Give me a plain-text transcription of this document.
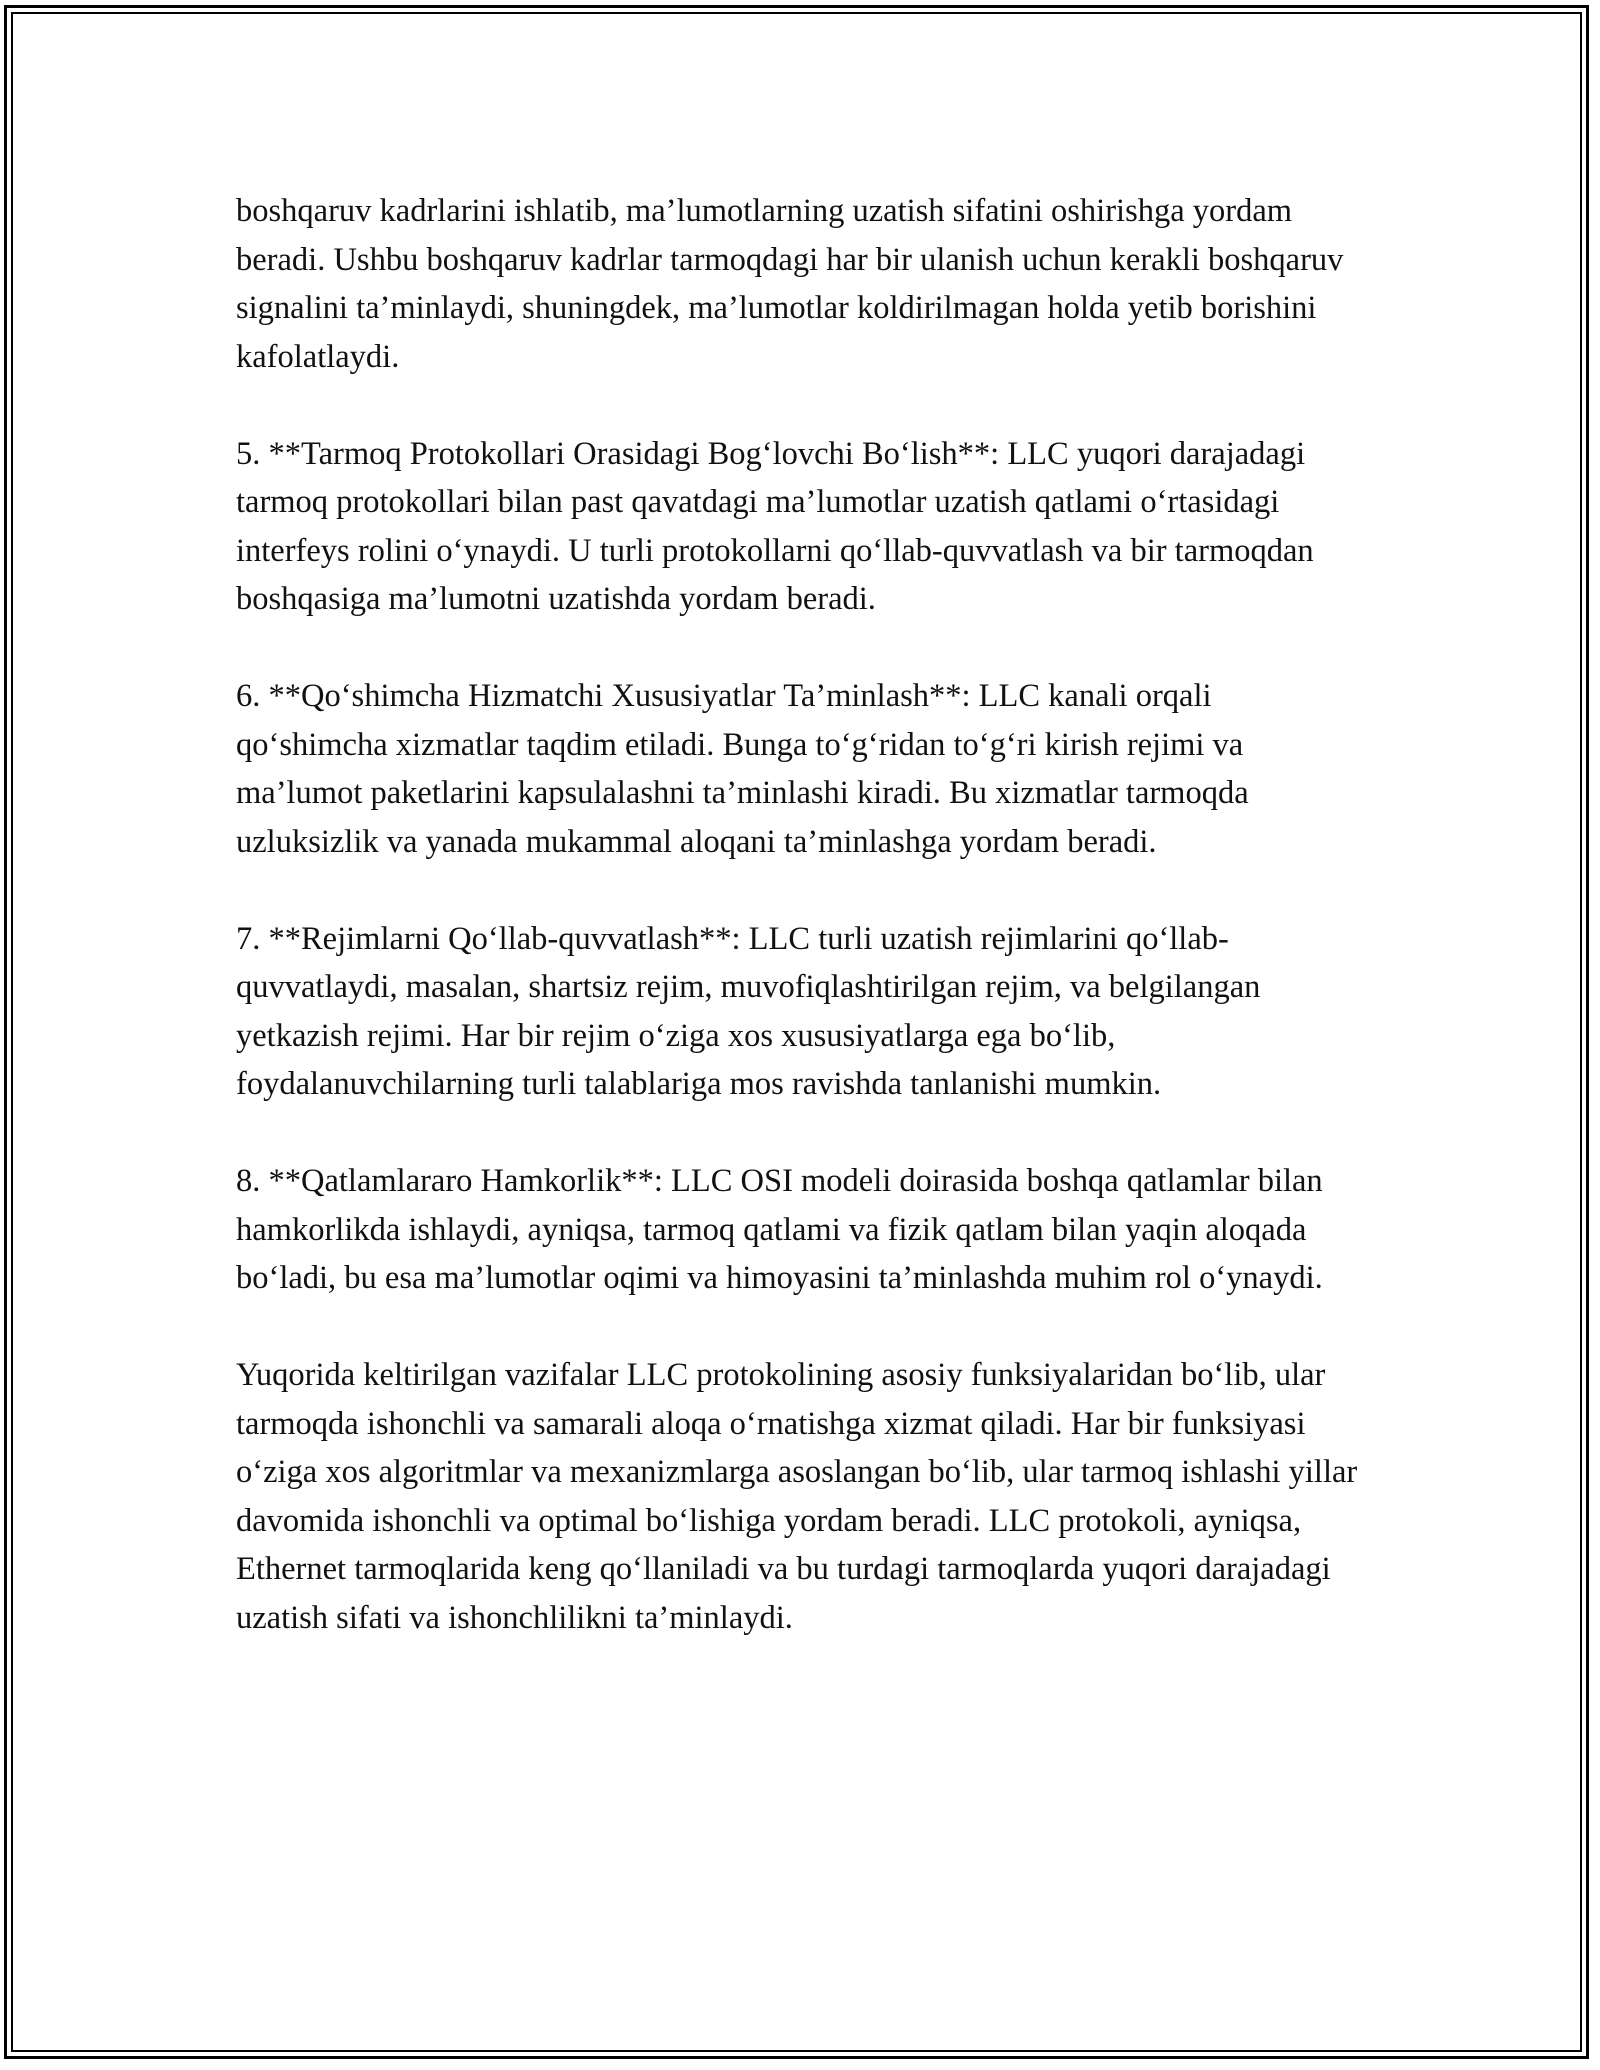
boshqaruv kadrlarini ishlatib, ma’lumotlarning uzatish sifatini oshirishga yordam beradi. Ushbu boshqaruv kadrlar tarmoqdagi har bir ulanish uchun kerakli boshqaruv signalini ta’minlaydi, shuningdek, ma’lumotlar koldirilmagan holda yetib borishini kafolatlaydi.

5. **Tarmoq Protokollari Orasidagi Bog‘lovchi Bo‘lish**: LLC yuqori darajadagi tarmoq protokollari bilan past qavatdagi ma’lumotlar uzatish qatlami o‘rtasidagi interfeys rolini o‘ynaydi. U turli protokollarni qo‘llab-quvvatlash va bir tarmoqdan boshqasiga ma’lumotni uzatishda yordam beradi.

6. **Qo‘shimcha Hizmatchi Xususiyatlar Ta’minlash**: LLC kanali orqali qo‘shimcha xizmatlar taqdim etiladi. Bunga to‘g‘ridan to‘g‘ri kirish rejimi va ma’lumot paketlarini kapsulalashni ta’minlashi kiradi. Bu xizmatlar tarmoqda uzluksizlik va yanada mukammal aloqani ta’minlashga yordam beradi.

7. **Rejimlarni Qo‘llab-quvvatlash**: LLC turli uzatish rejimlarini qo‘llab-quvvatlaydi, masalan, shartsiz rejim, muvofiqlashtirilgan rejim, va belgilangan yetkazish rejimi. Har bir rejim o‘ziga xos xususiyatlarga ega bo‘lib, foydalanuvchilarning turli talablariga mos ravishda tanlanishi mumkin.

8. **Qatlamlararo Hamkorlik**: LLC OSI modeli doirasida boshqa qatlamlar bilan hamkorlikda ishlaydi, ayniqsa, tarmoq qatlami va fizik qatlam bilan yaqin aloqada bo‘ladi, bu esa ma’lumotlar oqimi va himoyasini ta’minlashda muhim rol o‘ynaydi.

Yuqorida keltirilgan vazifalar LLC protokolining asosiy funksiyalaridan bo‘lib, ular tarmoqda ishonchli va samarali aloqa o‘rnatishga xizmat qiladi. Har bir funksiyasi o‘ziga xos algoritmlar va mexanizmlarga asoslangan bo‘lib, ular tarmoq ishlashi yillar davomida ishonchli va optimal bo‘lishiga yordam beradi. LLC protokoli, ayniqsa, Ethernet tarmoqlarida keng qo‘llaniladi va bu turdagi tarmoqlarda yuqori darajadagi uzatish sifati va ishonchlilikni ta’minlaydi.
